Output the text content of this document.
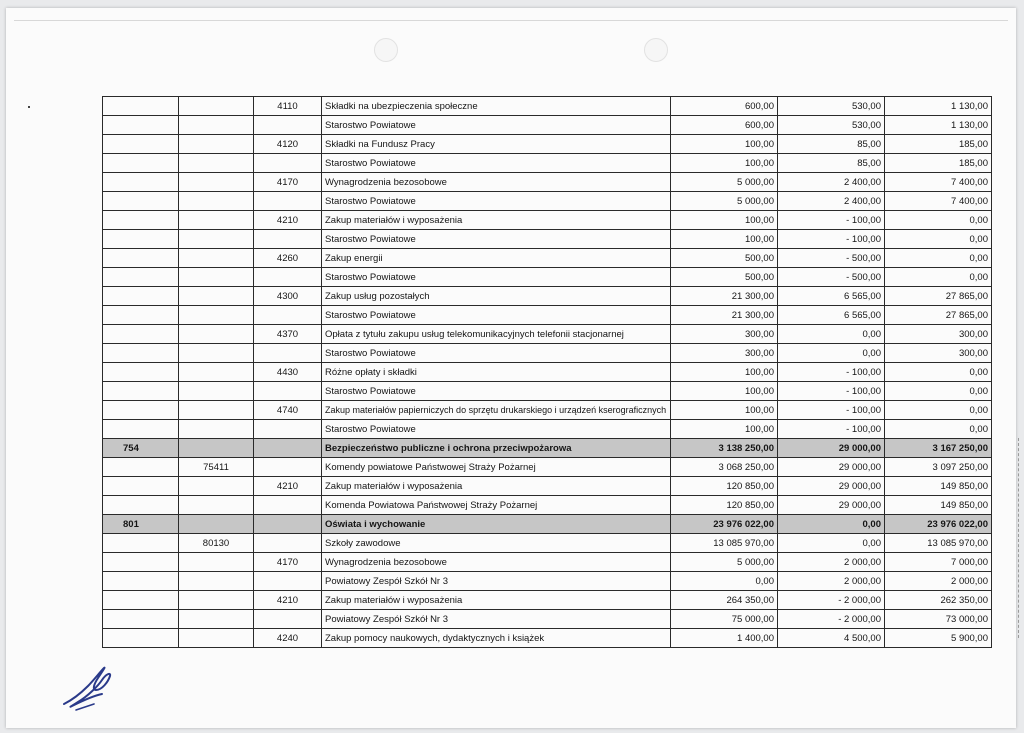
		4110	Składki na ubezpieczenia społeczne	600,00	530,00	1 130,00
			Starostwo Powiatowe	600,00	530,00	1 130,00
		4120	Składki na Fundusz Pracy	100,00	85,00	185,00
			Starostwo Powiatowe	100,00	85,00	185,00
		4170	Wynagrodzenia bezosobowe	5 000,00	2 400,00	7 400,00
			Starostwo Powiatowe	5 000,00	2 400,00	7 400,00
		4210	Zakup materiałów i wyposażenia	100,00	- 100,00	0,00
			Starostwo Powiatowe	100,00	- 100,00	0,00
		4260	Zakup energii	500,00	- 500,00	0,00
			Starostwo Powiatowe	500,00	- 500,00	0,00
		4300	Zakup usług pozostałych	21 300,00	6 565,00	27 865,00
			Starostwo Powiatowe	21 300,00	6 565,00	27 865,00
		4370	Opłata z tytułu zakupu usług telekomunikacyjnych telefonii stacjonarnej	300,00	0,00	300,00
			Starostwo Powiatowe	300,00	0,00	300,00
		4430	Różne opłaty i składki	100,00	- 100,00	0,00
			Starostwo Powiatowe	100,00	- 100,00	0,00
		4740	Zakup materiałów papierniczych do sprzętu drukarskiego i urządzeń kserograficznych	100,00	- 100,00	0,00
			Starostwo Powiatowe	100,00	- 100,00	0,00
754			Bezpieczeństwo publiczne i ochrona przeciwpożarowa	3 138 250,00	29 000,00	3 167 250,00
	75411		Komendy powiatowe Państwowej Straży Pożarnej	3 068 250,00	29 000,00	3 097 250,00
		4210	Zakup materiałów i wyposażenia	120 850,00	29 000,00	149 850,00
			Komenda Powiatowa Państwowej Straży Pożarnej	120 850,00	29 000,00	149 850,00
801			Oświata i wychowanie	23 976 022,00	0,00	23 976 022,00
	80130		Szkoły zawodowe	13 085 970,00	0,00	13 085 970,00
		4170	Wynagrodzenia bezosobowe	5 000,00	2 000,00	7 000,00
			Powiatowy Zespół Szkół Nr 3	0,00	2 000,00	2 000,00
		4210	Zakup materiałów i wyposażenia	264 350,00	- 2 000,00	262 350,00
			Powiatowy Zespół Szkół Nr 3	75 000,00	- 2 000,00	73 000,00
		4240	Zakup pomocy naukowych, dydaktycznych i książek	1 400,00	4 500,00	5 900,00
